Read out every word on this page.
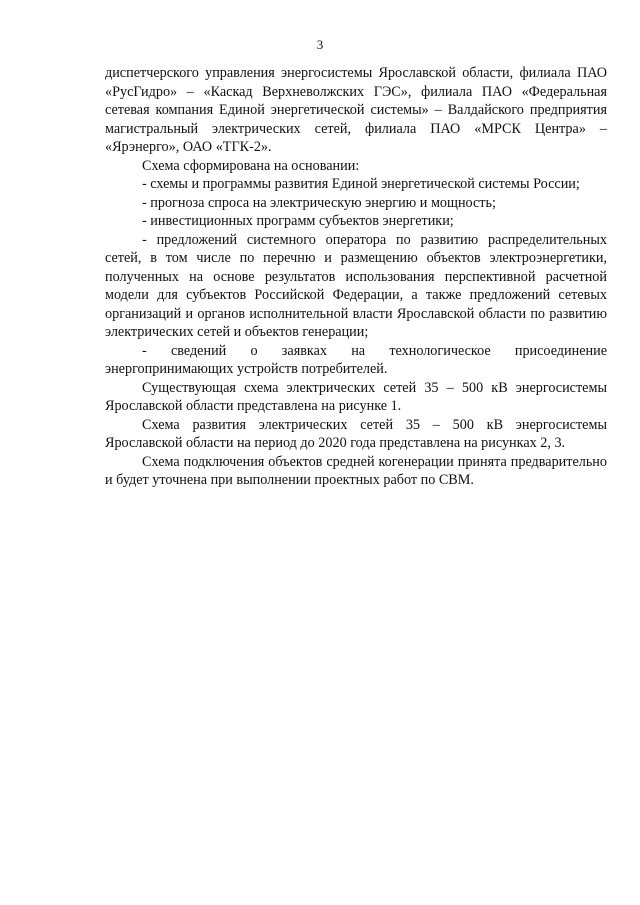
3

диспетчерского управления энергосистемы Ярославской области, филиала ПАО «РусГидро» – «Каскад Верхневолжских ГЭС», филиала ПАО «Федеральная сетевая компания Единой энергетической системы» – Валдайского предприятия магистральный электрических сетей, филиала ПАО «МРСК Центра» – «Ярэнерго», ОАО «ТГК-2».

Схема сформирована на основании:

- схемы и программы развития Единой энергетической системы России;

- прогноза спроса на электрическую энергию и мощность;

- инвестиционных программ субъектов энергетики;

- предложений системного оператора по развитию распределительных сетей, в том числе по перечню и размещению объектов электроэнергетики, полученных на основе результатов использования перспективной расчетной модели для субъектов Российской Федерации, а также предложений сетевых организаций и органов исполнительной власти Ярославской области по развитию электрических сетей и объектов генерации;

- сведений о заявках на технологическое присоединение энергопринимающих устройств потребителей.

Существующая схема электрических сетей 35 – 500 кВ энергосистемы Ярославской области представлена на рисунке 1.

Схема развития электрических сетей 35 – 500 кВ энергосистемы Ярославской области на период до 2020 года представлена на рисунках 2, 3.

Схема подключения объектов средней когенерации принята предварительно и будет уточнена при выполнении проектных работ по СВМ.
